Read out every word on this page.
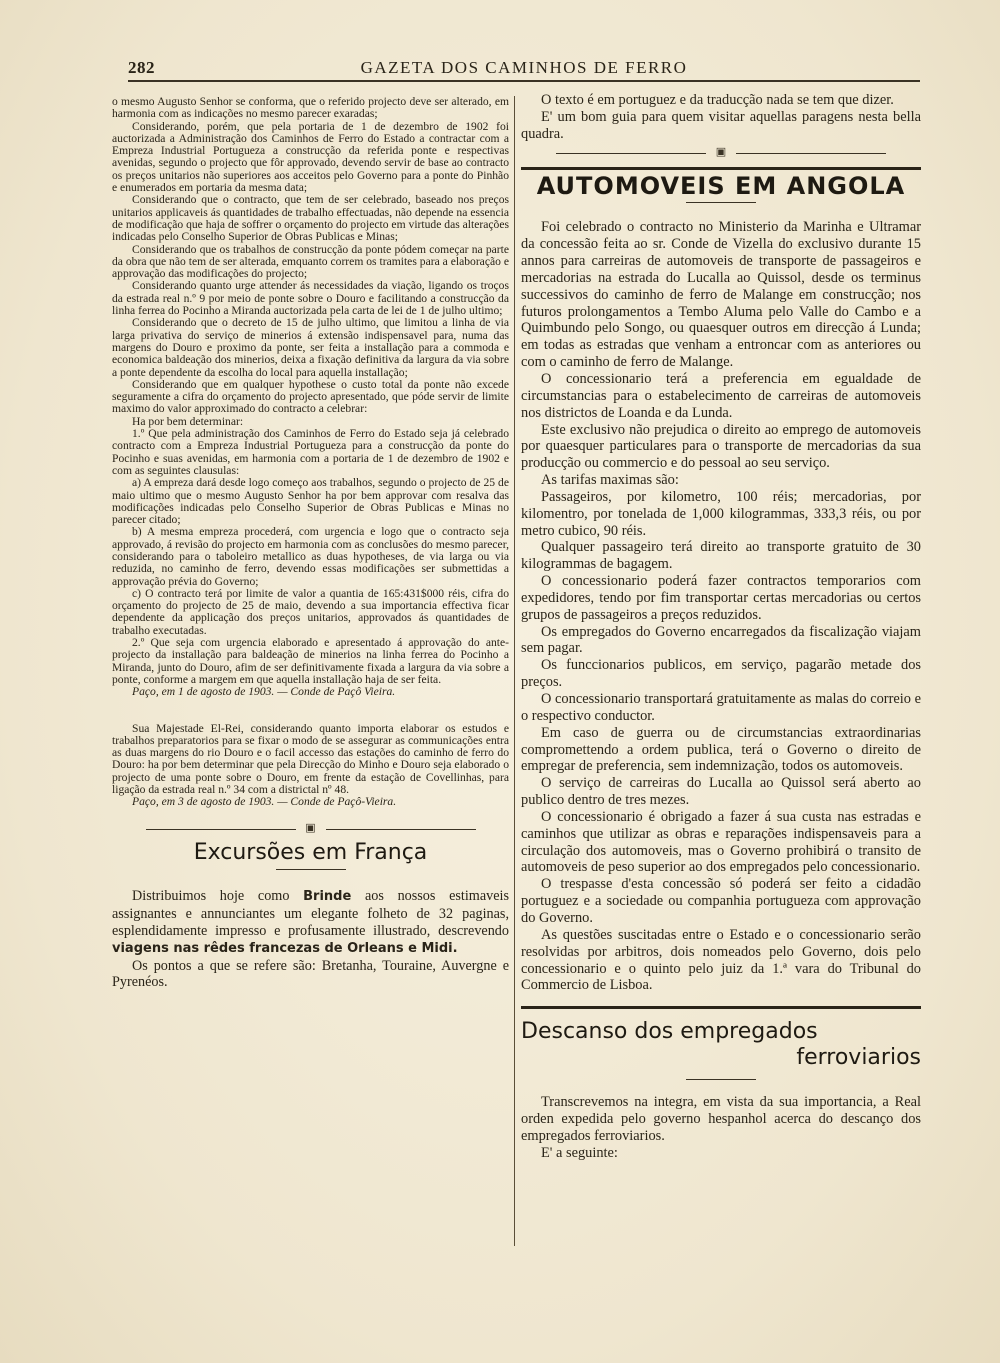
282	GAZETA DOS CAMINHOS DE FERRO

o mesmo Augusto Senhor se conforma, que o referido projecto deve ser alterado, em harmonia com as indicações no mesmo parecer exaradas;

Considerando, porém, que pela portaria de 1 de dezembro de 1902 foi auctorizada a Administração dos Caminhos de Ferro do Estado a contractar com a Empreza Industrial Portugueza a construcção da referida ponte e respectivas avenidas, segundo o projecto que fôr approvado, devendo servir de base ao contracto os preços unitarios não superiores aos acceitos pelo Governo para a ponte do Pinhão e enumerados em portaria da mesma data;

Considerando que o contracto, que tem de ser celebrado, baseado nos preços unitarios applicaveis ás quantidades de trabalho effectuadas, não depende na essencia de modificação que haja de soffrer o orçamento do projecto em virtude das alterações indicadas pelo Conselho Superior de Obras Publicas e Minas;

Considerando que os trabalhos de construcção da ponte pódem começar na parte da obra que não tem de ser alterada, emquanto correm os tramites para a elaboração e approvação das modificações do projecto;

Considerando quanto urge attender ás necessidades da viação, ligando os troços da estrada real n.º 9 por meio de ponte sobre o Douro e facilitando a construcção da linha ferrea do Pocinho a Miranda auctorizada pela carta de lei de 1 de julho ultimo;

Considerando que o decreto de 15 de julho ultimo, que limitou a linha de via larga privativa do serviço de minerios á extensão indispensavel para, numa das margens do Douro e proximo da ponte, ser feita a installação para a commoda e economica baldeação dos minerios, deixa a fixação definitiva da largura da via sobre a ponte dependente da escolha do local para aquella installação;

Considerando que em qualquer hypothese o custo total da ponte não excede seguramente a cifra do orçamento do projecto apresentado, que póde servir de limite maximo do valor approximado do contracto a celebrar:

Ha por bem determinar:

1.º Que pela administração dos Caminhos de Ferro do Estado seja já celebrado contracto com a Empreza Industrial Portugueza para a construcção da ponte do Pocinho e suas avenidas, em harmonia com a portaria de 1 de dezembro de 1902 e com as seguintes clausulas:

a) A empreza dará desde logo começo aos trabalhos, segundo o projecto de 25 de maio ultimo que o mesmo Augusto Senhor ha por bem approvar com resalva das modificações indicadas pelo Conselho Superior de Obras Publicas e Minas no parecer citado;

b) A mesma empreza procederá, com urgencia e logo que o contracto seja approvado, á revisão do projecto em harmonia com as conclusões do mesmo parecer, considerando para o taboleiro metallico as duas hypotheses, de via larga ou via reduzida, no caminho de ferro, devendo essas modificações ser submettidas a approvação prévia do Governo;

c) O contracto terá por limite de valor a quantia de 165:431$000 réis, cifra do orçamento do projecto de 25 de maio, devendo a sua importancia effectiva ficar dependente da applicação dos preços unitarios, approvados ás quantidades de trabalho executadas.

2.º Que seja com urgencia elaborado e apresentado á approvação do ante-projecto da installação para baldeação de minerios na linha ferrea do Pocinho a Miranda, junto do Douro, afim de ser definitivamente fixada a largura da via sobre a ponte, conforme a margem em que aquella installação haja de ser feita.

Paço, em 1 de agosto de 1903. — Conde de Paçô Vieira.

Sua Majestade El-Rei, considerando quanto importa elaborar os estudos e trabalhos preparatorios para se fixar o modo de se assegurar as communicações entra as duas margens do rio Douro e o facil accesso das estações do caminho de ferro do Douro: ha por bem determinar que pela Direcção do Minho e Douro seja elaborado o projecto de uma ponte sobre o Douro, em frente da estação de Covellinhas, para ligação da estrada real n.º 34 com a districtal nº 48.

Paço, em 3 de agosto de 1903. — Conde de Paçô-Vieira.

▣
Excursões em França

Distribuimos hoje como Brinde aos nossos estimaveis assignantes e annunciantes um elegante folheto de 32 paginas, esplendidamente impresso e profusamente illustrado, descrevendo viagens nas rêdes francezas de Orleans e Midi.

Os pontos a que se refere são: Bretanha, Touraine, Auvergne e Pyrenéos.

O texto é em portuguez e da traducção nada se tem que dizer.

E' um bom guia para quem visitar aquellas paragens nesta bella quadra.

▣
AUTOMOVEIS EM ANGOLA

Foi celebrado o contracto no Ministerio da Marinha e Ultramar da concessão feita ao sr. Conde de Vizella do exclusivo durante 15 annos para carreiras de automoveis de transporte de passageiros e mercadorias na estrada do Lucalla ao Quissol, desde os terminus successivos do caminho de ferro de Malange em construcção; nos futuros prolongamentos a Tembo Aluma pelo Valle do Cambo e a Quimbundo pelo Songo, ou quaesquer outros em direcção á Lunda; em todas as estradas que venham a entroncar com as anteriores ou com o caminho de ferro de Malange.

O concessionario terá a preferencia em egualdade de circumstancias para o estabelecimento de carreiras de automoveis nos districtos de Loanda e da Lunda.

Este exclusivo não prejudica o direito ao emprego de automoveis por quaesquer particulares para o transporte de mercadorias da sua producção ou commercio e do pessoal ao seu serviço.

As tarifas maximas são:

Passageiros, por kilometro, 100 réis; mercadorias, por kilomentro, por tonelada de 1,000 kilogrammas, 333,3 réis, ou por metro cubico, 90 réis.

Qualquer passageiro terá direito ao transporte gratuito de 30 kilogrammas de bagagem.

O concessionario poderá fazer contractos temporarios com expedidores, tendo por fim transportar certas mercadorias ou certos grupos de passageiros a preços reduzidos.

Os empregados do Governo encarregados da fiscalização viajam sem pagar.

Os funccionarios publicos, em serviço, pagarão metade dos preços.

O concessionario transportará gratuitamente as malas do correio e o respectivo conductor.

Em caso de guerra ou de circumstancias extraordinarias compromettendo a ordem publica, terá o Governo o direito de empregar de preferencia, sem indemnização, todos os automoveis.

O serviço de carreiras do Lucalla ao Quissol será aberto ao publico dentro de tres mezes.

O concessionario é obrigado a fazer á sua custa nas estradas e caminhos que utilizar as obras e reparações indispensaveis para a circulação dos automoveis, mas o Governo prohibirá o transito de automoveis de peso superior ao dos empregados pelo concessionario.

O trespasse d'esta concessão só poderá ser feito a cidadão portuguez e a sociedade ou companhia portugueza com approvação do Governo.

As questões suscitadas entre o Estado e o concessionario serão resolvidas por arbitros, dois nomeados pelo Governo, dois pelo concessionario e o quinto pelo juiz da 1.ª vara do Tribunal do Commercio de Lisboa.

Descanso dos empregados
ferroviarios

Transcrevemos na integra, em vista da sua importancia, a Real orden expedida pelo governo hespanhol acerca do descanço dos empregados ferroviarios.

E' a seguinte:
